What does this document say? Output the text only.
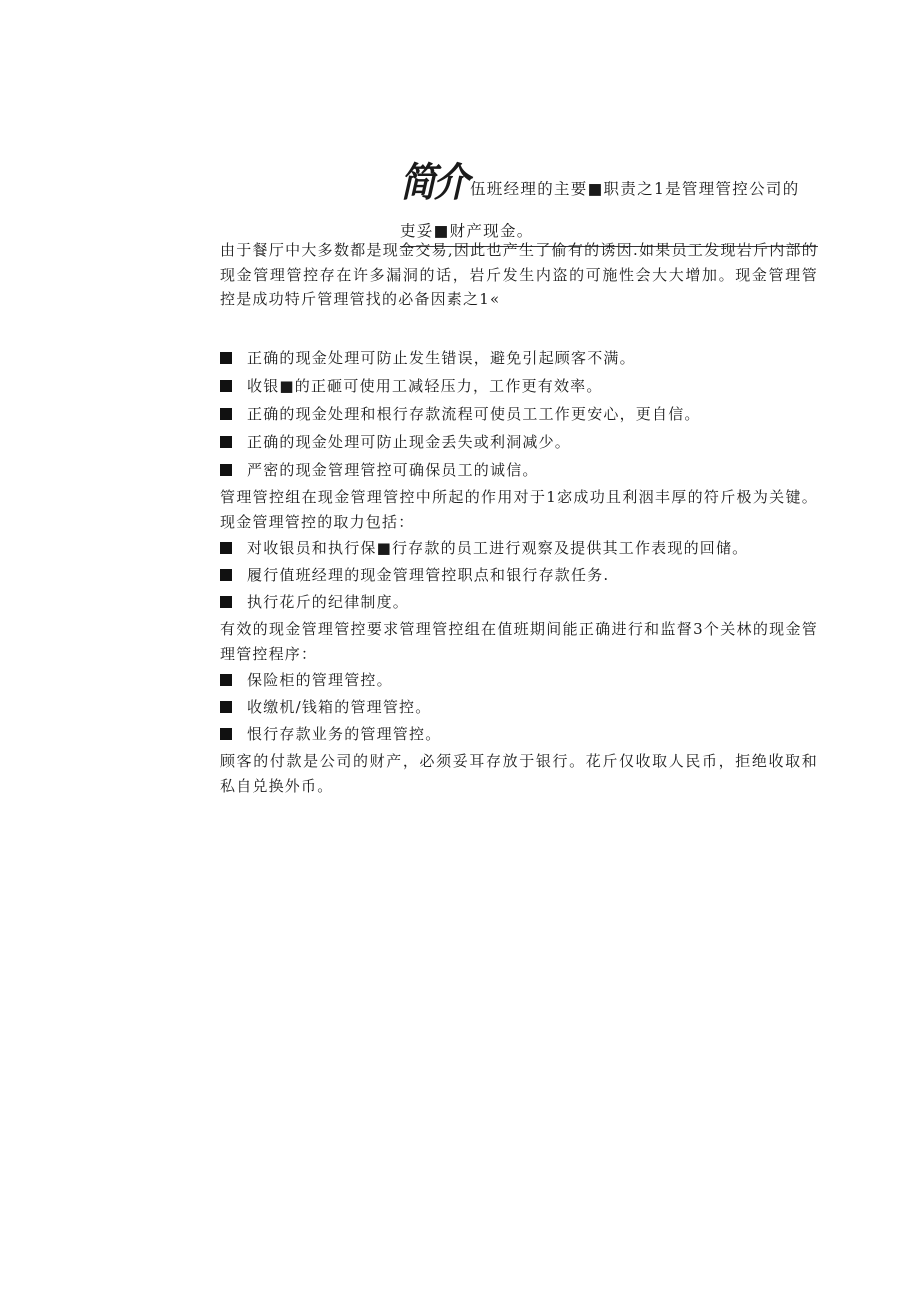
简介 伍班经理的主要■职责之1是管理管控公司的
吏妥■财产现金。

由于餐厅中大多数都是现金交易,因此也产生了偷有的诱因.如果员工发现岩斤内部的现金管理管控存在许多漏洞的话，岩斤发生内盗的可施性会大大增加。现金管理管控是成功特斤管理管找的必备因素之1«

正确的现金处理可防止发生错误，避免引起顾客不满。
收银■的正砸可使用工减轻压力，工作更有效率。
正确的现金处理和根行存款流程可使员工工作更安心，更自信。
正确的现金处理可防止现金丢失或利洞减少。
严密的现金管理管控可确保员工的诚信。

管理管控组在现金管理管控中所起的作用对于1宓成功且利洇丰厚的符斤极为关键。现金管理管控的取力包括：

对收银员和执行保■行存款的员工进行观察及提供其工作表现的回储。
履行值班经理的现金管理管控职点和银行存款任务.
执行花斤的纪律制度。

有效的现金管理管控要求管理管控组在值班期间能正确进行和监督3个关林的现金管理管控程序：

保险柜的管理管控。
收缴机/钱箱的管理管控。
恨行存款业务的管理管控。

顾客的付款是公司的财产，必须妥耳存放于银行。花斤仅收取人民币，拒绝收取和私自兑换外币。
